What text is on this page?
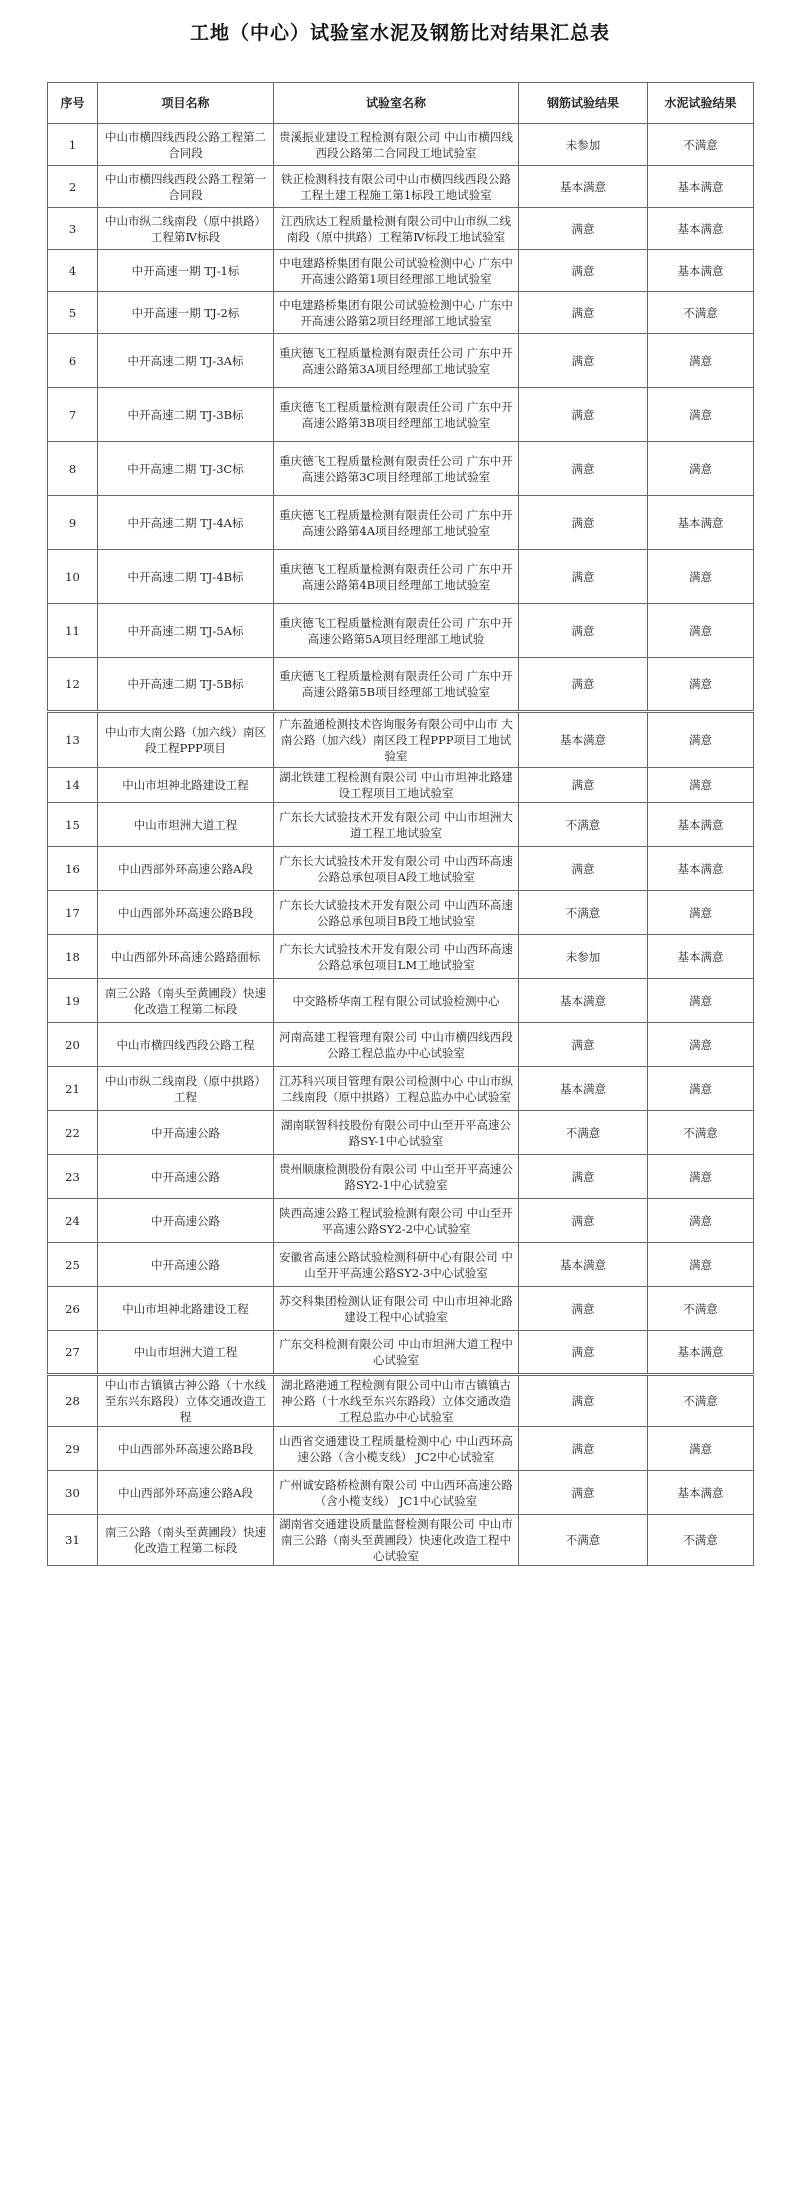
工地（中心）试验室水泥及钢筋比对结果汇总表
序号	项目名称	试验室名称	钢筋试验结果	水泥试验结果
1	中山市横四线西段公路工程第二合同段	贵溪振业建设工程检测有限公司 中山市横四线西段公路第二合同段工地试验室	未参加	不满意
2	中山市横四线西段公路工程第一合同段	铁正检测科技有限公司中山市横四线西段公路工程土建工程施工第1标段工地试验室	基本满意	基本满意
3	中山市纵二线南段（原中拱路）工程第Ⅳ标段	江西欣达工程质量检测有限公司中山市纵二线南段（原中拱路）工程第Ⅳ标段工地试验室	满意	基本满意
4	中开高速一期 TJ-1标	中电建路桥集团有限公司试验检测中心 广东中开高速公路第1项目经理部工地试验室	满意	基本满意
5	中开高速一期 TJ-2标	中电建路桥集团有限公司试验检测中心 广东中开高速公路第2项目经理部工地试验室	满意	不满意
6	中开高速二期 TJ-3A标	重庆德飞工程质量检测有限责任公司 广东中开高速公路第3A项目经理部工地试验室	满意	满意
7	中开高速二期 TJ-3B标	重庆德飞工程质量检测有限责任公司 广东中开高速公路第3B项目经理部工地试验室	满意	满意
8	中开高速二期 TJ-3C标	重庆德飞工程质量检测有限责任公司 广东中开高速公路第3C项目经理部工地试验室	满意	满意
9	中开高速二期 TJ-4A标	重庆德飞工程质量检测有限责任公司 广东中开高速公路第4A项目经理部工地试验室	满意	基本满意
10	中开高速二期 TJ-4B标	重庆德飞工程质量检测有限责任公司 广东中开高速公路第4B项目经理部工地试验室	满意	满意
11	中开高速二期 TJ-5A标	重庆德飞工程质量检测有限责任公司 广东中开高速公路第5A项目经理部工地试验	满意	满意
12	中开高速二期 TJ-5B标	重庆德飞工程质量检测有限责任公司 广东中开高速公路第5B项目经理部工地试验室	满意	满意
13	中山市大南公路（加六线）南区段工程PPP项目	广东盈通检测技术咨询服务有限公司中山市 大南公路（加六线）南区段工程PPP项目工地试验室	基本满意	满意
14	中山市坦神北路建设工程	湖北铁建工程检测有限公司 中山市坦神北路建设工程项目工地试验室	满意	满意
15	中山市坦洲大道工程	广东长大试验技术开发有限公司 中山市坦洲大道工程工地试验室	不满意	基本满意
16	中山西部外环高速公路A段	广东长大试验技术开发有限公司 中山西环高速公路总承包项目A段工地试验室	满意	基本满意
17	中山西部外环高速公路B段	广东长大试验技术开发有限公司 中山西环高速公路总承包项目B段工地试验室	不满意	满意
18	中山西部外环高速公路路面标	广东长大试验技术开发有限公司 中山西环高速公路总承包项目LM工地试验室	未参加	基本满意
19	南三公路（南头至黄圃段）快速化改造工程第二标段	中交路桥华南工程有限公司试验检测中心	基本满意	满意
20	中山市横四线西段公路工程	河南高建工程管理有限公司 中山市横四线西段公路工程总监办中心试验室	满意	满意
21	中山市纵二线南段（原中拱路）工程	江苏科兴项目管理有限公司检测中心 中山市纵二线南段（原中拱路）工程总监办中心试验室	基本满意	满意
22	中开高速公路	湖南联智科技股份有限公司中山至开平高速公路SY-1中心试验室	不满意	不满意
23	中开高速公路	贵州顺康检测股份有限公司 中山至开平高速公路SY2-1中心试验室	满意	满意
24	中开高速公路	陕西高速公路工程试验检测有限公司 中山至开平高速公路SY2-2中心试验室	满意	满意
25	中开高速公路	安徽省高速公路试验检测科研中心有限公司 中山至开平高速公路SY2-3中心试验室	基本满意	满意
26	中山市坦神北路建设工程	苏交科集团检测认证有限公司 中山市坦神北路建设工程中心试验室	满意	不满意
27	中山市坦洲大道工程	广东交科检测有限公司 中山市坦洲大道工程中心试验室	满意	基本满意
28	中山市古镇镇古神公路（十水线至东兴东路段）立体交通改造工程	湖北路港通工程检测有限公司中山市古镇镇古神公路（十水线至东兴东路段）立体交通改造工程总监办中心试验室	满意	不满意
29	中山西部外环高速公路B段	山西省交通建设工程质量检测中心 中山西环高速公路（含小榄支线） JC2中心试验室	满意	满意
30	中山西部外环高速公路A段	广州诚安路桥检测有限公司 中山西环高速公路（含小榄支线） JC1中心试验室	满意	基本满意
31	南三公路（南头至黄圃段）快速化改造工程第二标段	湖南省交通建设质量监督检测有限公司 中山市南三公路（南头至黄圃段）快速化改造工程中心试验室	不满意	不满意
